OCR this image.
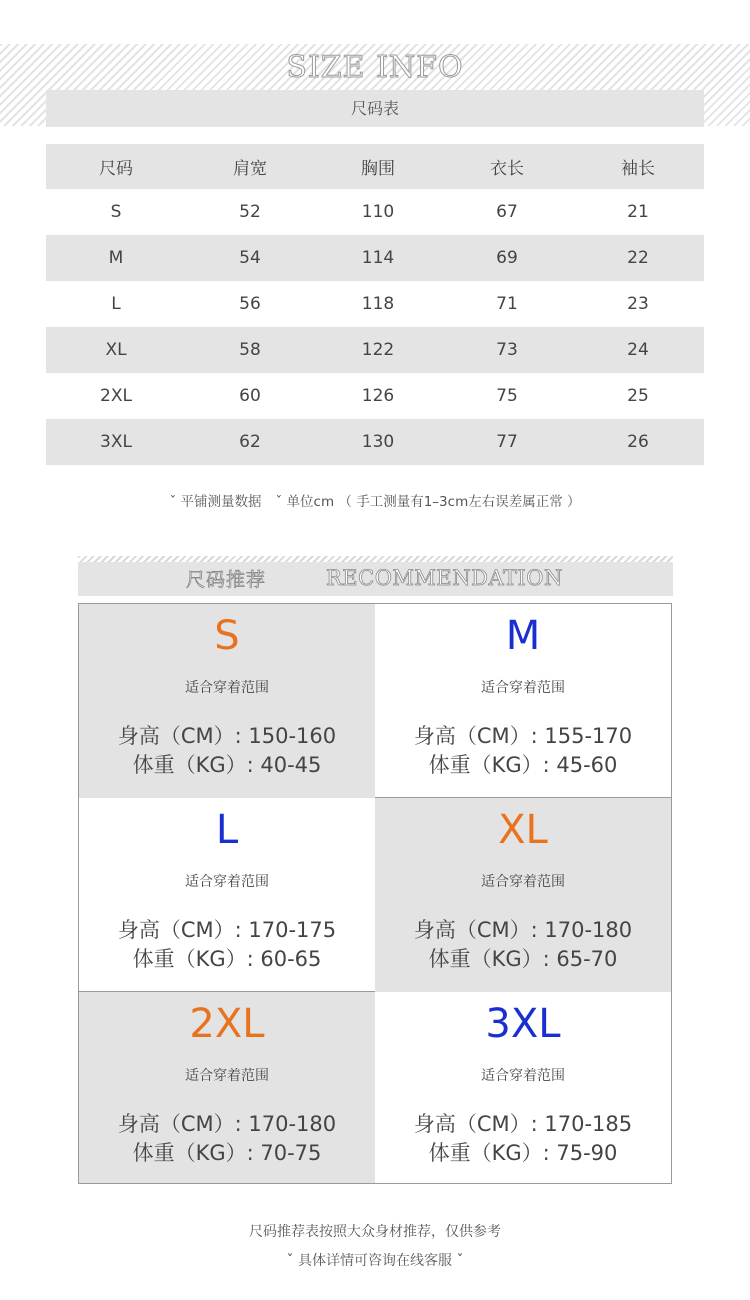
SIZE INFO
尺码表
尺码	肩宽	胸围	衣长	袖长
S	52	110	67	21
M	54	114	69	22
L	56	118	71	23
XL	58	122	73	24
2XL	60	126	75	25
3XL	62	130	77	26
ˇ 平铺测量数据 ˇ 单位cm （ 手工测量有1–3cm左右误差属正常 ）
尺码推荐	RECOMMENDATION
S
适合穿着范围
身高（CM）: 150-160
体重（KG）: 40-45
M
适合穿着范围
身高（CM）: 155-170
体重（KG）: 45-60
L
适合穿着范围
身高（CM）: 170-175
体重（KG）: 60-65
XL
适合穿着范围
身高（CM）: 170-180
体重（KG）: 65-70
2XL
适合穿着范围
身高（CM）: 170-180
体重（KG）: 70-75
3XL
适合穿着范围
身高（CM）: 170-185
体重（KG）: 75-90
尺码推荐表按照大众身材推荐，仅供参考
ˇ 具体详情可咨询在线客服 ˇ
